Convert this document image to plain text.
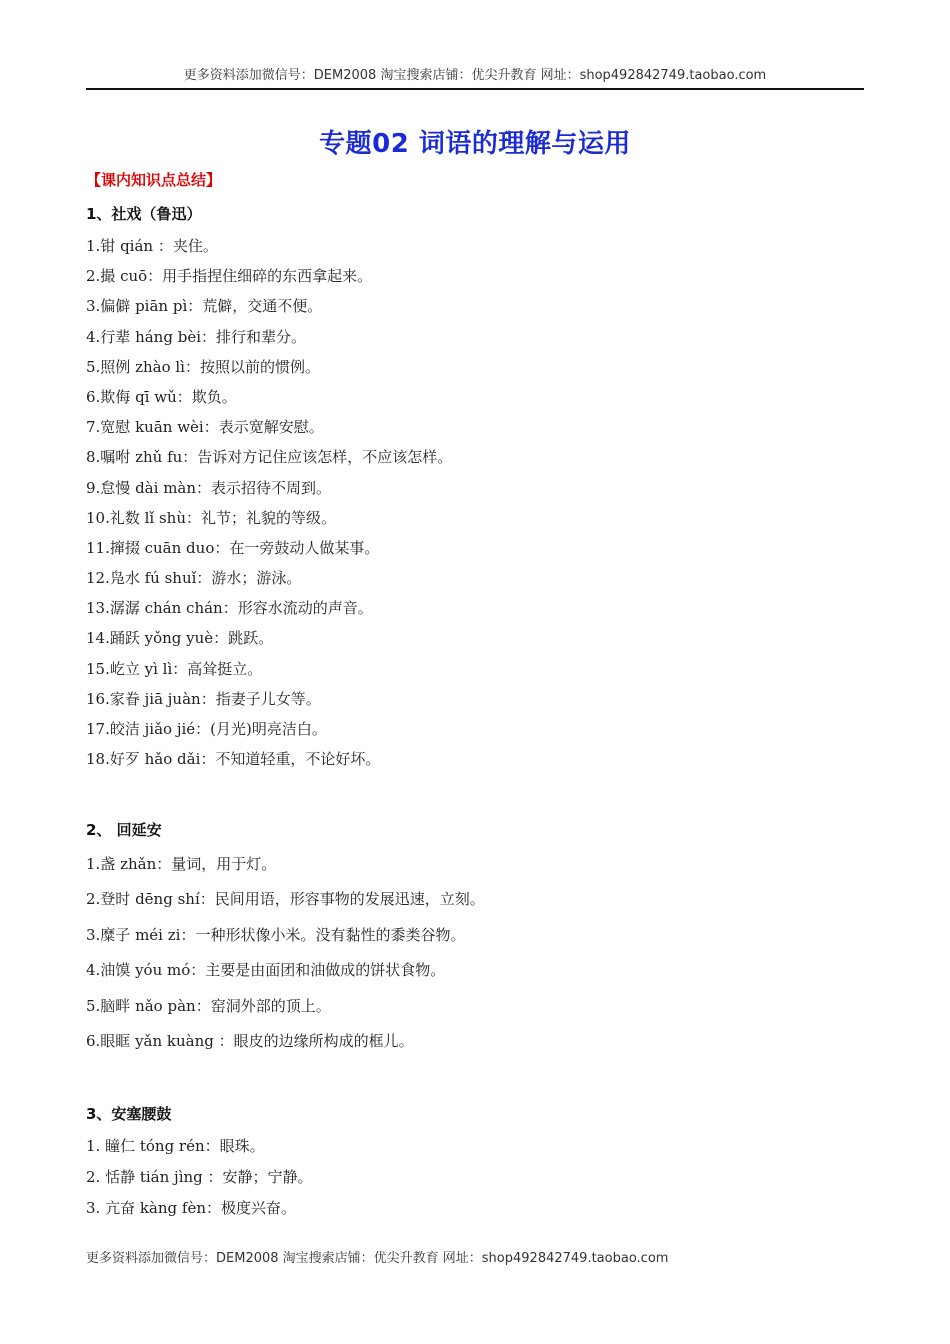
更多资料添加微信号：DEM2008 淘宝搜索店铺：优尖升教育 网址：shop492842749.taobao.com
专题02 词语的理解与运用
【课内知识点总结】
1、社戏（鲁迅）
1.钳 qián ：夹住。
2.撮 cuō：用手指捏住细碎的东西拿起来。
3.偏僻 piān pì：荒僻，交通不便。
4.行辈 háng bèi：排行和辈分。
5.照例 zhào lì：按照以前的惯例。
6.欺侮 qī wǔ：欺负。
7.宽慰 kuān wèi：表示宽解安慰。
8.嘱咐 zhǔ fu：告诉对方记住应该怎样，不应该怎样。
9.怠慢 dài màn：表示招待不周到。
10.礼数 lǐ shù：礼节；礼貌的等级。
11.撺掇 cuān duo：在一旁鼓动人做某事。
12.凫水 fú shuǐ：游水；游泳。
13.潺潺 chán chán：形容水流动的声音。
14.踊跃 yǒng yuè：跳跃。
15.屹立 yì lì：高耸挺立。
16.家眷 jiā juàn：指妻子儿女等。
17.皎洁 jiǎo jié：(月光)明亮洁白。
18.好歹 hǎo dǎi：不知道轻重，不论好坏。
2、 回延安
1.盏 zhǎn：量词，用于灯。
2.登时 dēng shí：民间用语，形容事物的发展迅速，立刻。
3.糜子 méi zi：一种形状像小米。没有黏性的黍类谷物。
4.油馍 yóu mó：主要是由面团和油做成的饼状食物。
5.脑畔 nǎo pàn：窑洞外部的顶上。
6.眼眶 yǎn kuàng ：眼皮的边缘所构成的框儿。
3、安塞腰鼓
1. 瞳仁 tóng rén：眼珠。
2. 恬静 tián jìng ：安静；宁静。
3. 亢奋 kàng fèn：极度兴奋。
更多资料添加微信号：DEM2008 淘宝搜索店铺：优尖升教育 网址：shop492842749.taobao.com
